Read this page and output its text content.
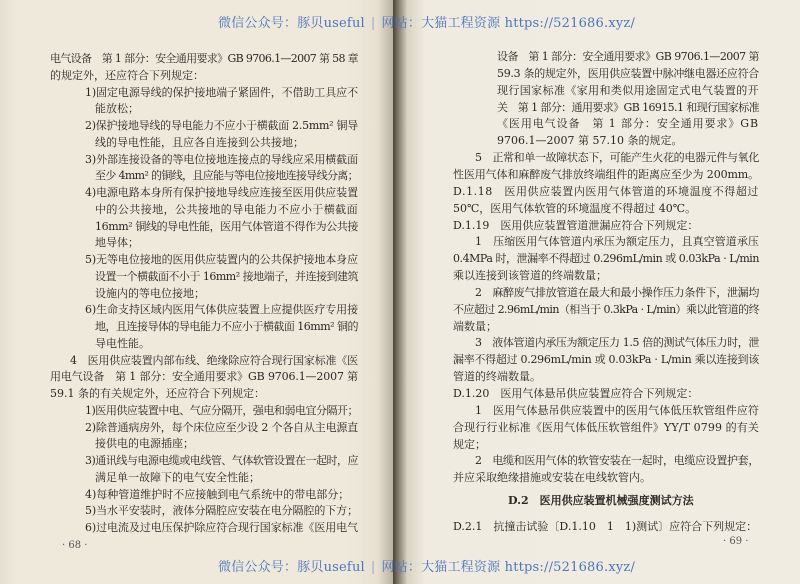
电气设备　第 1 部分：安全通用要求》GB 9706.1—2007 第 58 章
的规定外，还应符合下列规定：
1)固定电源导线的保护接地端子紧固件，不借助工具应不
能放松；
2)保护接地导线的导电能力不应小于横截面 2.5mm² 铜导
线的导电性能，且应各自连接到公共接地；
3)外部连接设备的等电位接地连接点的导线应采用横截面
至少 4mm² 的铜线，且应能与等电位接地连接导线分离；
4)电源电路本身所有保护接地导线应连接至医用供应装置
中的公共接地，公共接地的导电能力不应小于横截面
16mm² 铜线的导电性能，医用气体管道不得作为公共接
地导体；
5)无等电位接地的医用供应装置内的公共保护接地本身应
设置一个横截面不小于 16mm² 接地端子，并连接到建筑
设施内的等电位接地；
6)生命支持区域内医用气体供应装置上应提供医疗专用接
地，且连接导体的导电能力不应小于横截面 16mm² 铜的
导电性能。
4　医用供应装置内部布线、绝缘除应符合现行国家标准《医
用电气设备　第 1 部分：安全通用要求》GB 9706.1—2007 第
59.1 条的有关规定外，还应符合下列规定：
1)医用供应装置中电、气应分隔开，强电和弱电宜分隔开；
2)除普通病房外，每个床位应至少设 2 个各自从主电源直
接供电的电源插座；
3)通讯线与电源电缆或电线管、气体软管设置在一起时，应
满足单一故障下的电气安全性能；
4)每种管道维护时不应接触到电气系统中的带电部分；
5)当水平安装时，液体分隔腔应安装在电分隔腔的下方；
6)过电流及过电压保护除应符合现行国家标准《医用电气
· 68 ·
设备　第 1 部分：安全通用要求》GB 9706.1—2007 第
59.3 条的规定外，医用供应装置中脉冲继电器还应符合
现行国家标准《家用和类似用途固定式电气装置的开
关　第 1 部分：通用要求》GB 16915.1 和现行国家标准
《医用电气设备　第 1 部分：安全通用要求》GB
9706.1—2007 第 57.10 条的规定。
5　正常和单一故障状态下，可能产生火花的电器元件与氧化
性医用气体和麻醉废气排放终端组件的距离应至少为 200mm。
D.1.18　医用供应装置内医用气体管道的环境温度不得超过
50℃，医用气体软管的环境温度不得超过 40℃。
D.1.19　医用供应装置管道泄漏应符合下列规定：
1　压缩医用气体管道内承压为额定压力，且真空管道承压
0.4MPa 时，泄漏率不得超过 0.296mL/min 或 0.03kPa · L/min
乘以连接到该管道的终端数量；
2　麻醉废气排放管道在最大和最小操作压力条件下，泄漏均
不应超过 2.96mL/min（相当于 0.3kPa · L/min）乘以此管道的终
端数量；
3　液体管道内承压为额定压力 1.5 倍的测试气体压力时，泄
漏率不得超过 0.296mL/min 或 0.03kPa · L/min 乘以连接到该
管道的终端数量。
D.1.20　医用气体悬吊供应装置应符合下列规定：
1　医用气体悬吊供应装置中的医用气体低压软管组件应符
合现行行业标准《医用气体低压软管组件》YY/T 0799 的有关
规定；
2　电缆和医用气体的软管安装在一起时，电缆应设置护套，
并应采取绝缘措施或安装在电线软管内。
D.2　医用供应装置机械强度测试方法
D.2.1　抗撞击试验〔D.1.10　1　1)测试〕应符合下列规定：
· 69 ·
微信公众号：豚贝useful | 网站：大猫工程资源 https://521686.xyz/
微信公众号：豚贝useful | 网站：大猫工程资源 https://521686.xyz/
